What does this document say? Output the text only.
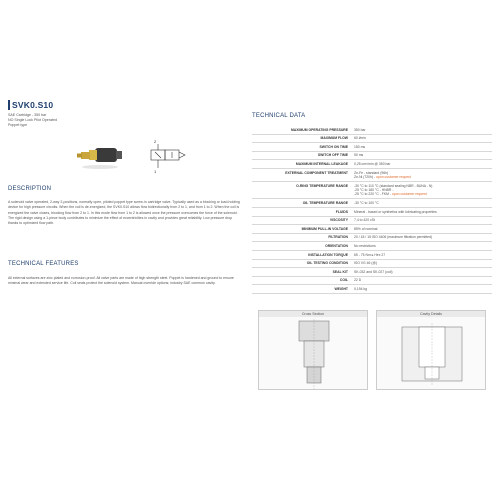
SVK0.S10
SAE Cartridge - 350 bar
NO Single Lock Pilot Operated
Poppet type
2
1
DESCRIPTION
A solenoid valve operated, 2-way 2-positions, normally open, piloted poppet type screw-in cartridge valve. Typically used as a blocking or load-holding device for high pressure circuits. When the coil is de-energized, the SVK0.S10 allows flow bidirectionally from 2 to 1, and from 1 to 2. When the coil is energized the valve closes, blocking flow from 2 to 1. In this mode flow from 1 to 2 is allowed once the pressure overcomes the force of the solenoid. The rigid design using a 1-piece body contributes to minimize the effect of eccentricities in cavity and provides great reliability. Low pressure drop thanks to optimized flow path.
TECHNICAL FEATURES
All external surfaces are zinc plated and corrosion-proof. All valve parts are made of high strength steel. Poppet is hardened and ground to ensure minimal wear and extended service life. Coil seals protect the solenoid system. Manual override options; industry SAE common cavity.
TECHNICAL DATA
MAXIMUM OPERATING PRESSURE	350 bar
MAXIMUM FLOW	60 l/min
SWITCH ON TIME	150 ms
SWITCH OFF TIME	50 ms
MAXIMUM INTERNAL LEAKAGE	0,25 cm³/min @ 350 bar
EXTERNAL COMPONENT TREATMENT	Zn-Fe - standard (96h)
Zn-Ni (720h) - upon customer request
O-RING TEMPERATURE RANGE	-30 °C to 110 °C (standard sealing NBR - BUNA - N)
-25 °C to 180 °C - HNBR -
-25 °C to 220 °C - FKM - upon customer request
OIL TEMPERATURE RANGE	-30 °C to 100 °C
FLUIDS	Mineral - based or synthetics with lubricating properties
VISCOSITY	7,4 to 420 cSt
MINIMUM PULL-IN VOLTAGE	85% of nominal
FILTRATION	20 / 18 / 15 ISO 4406 (maximum filtration permitted)
ORIENTATION	No restrictions
INSTALLATION TORQUE	65 - 75 Nm ▸ Hex 27
OIL TESTING CONDITION	ISO VG 46 (@)
SEAL KIT	SK-032 and SK-027 (coil)
COIL	22 D
WEIGHT	0,194 kg
Cross Section	Cavity Details
